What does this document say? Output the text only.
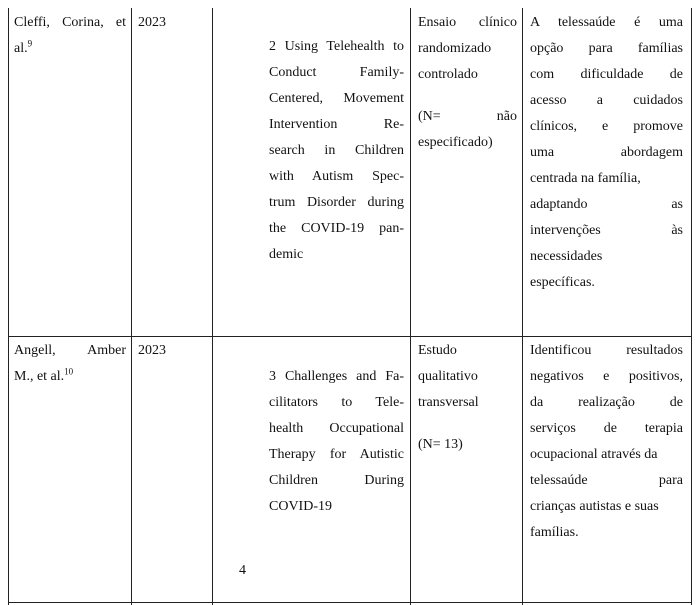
Cleffi, Corina, et
al.$^9$
2023
2 Using Telehealth to
Conduct Family-
Centered, Movement
Intervention Re-
search in Children
with Autism Spec-
trum Disorder during
the COVID-19 pan-
demic
Ensaio clínico
randomizado
controlado
(N= não
especificado)
A telessaúde é uma
opção para famílias
com dificuldade de
acesso a cuidados
clínicos, e promove
uma abordagem
centrada na família,
adaptando as
intervenções às
necessidades
específicas.
Angell, Amber
M., et al.$^{10}$
2023
3 Challenges and Fa-
cilitators to Tele-
health Occupational
Therapy for Autistic
Children During
COVID-19
Estudo
qualitativo
transversal
(N= 13)
Identificou resultados
negativos e positivos,
da realização de
serviços de terapia
ocupacional através da
telessaúde para
crianças autistas e suas
famílias.
4
